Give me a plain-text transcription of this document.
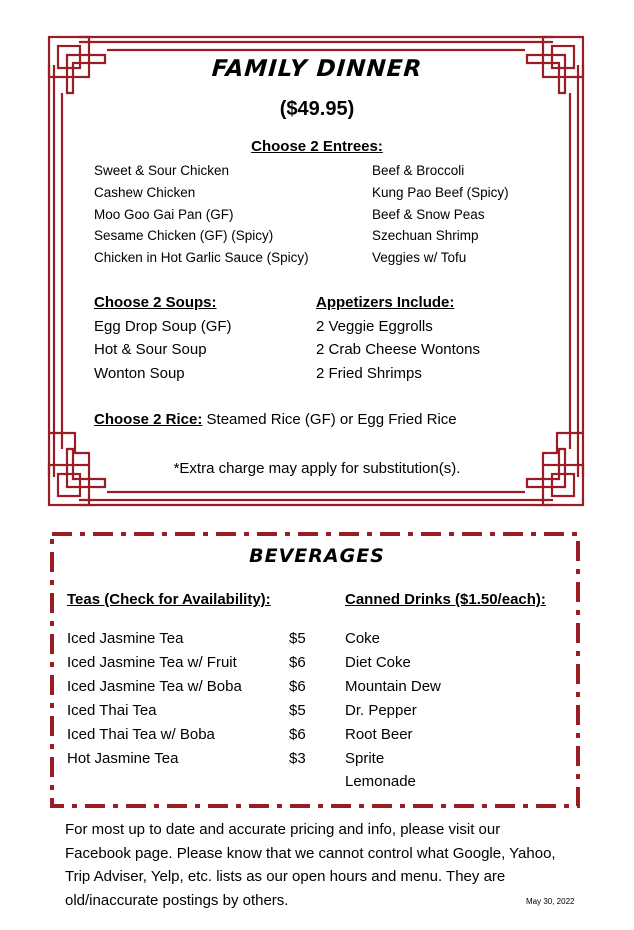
FAMILY DINNER
($49.95)
Choose 2 Entrees:
Sweet & Sour Chicken
Cashew Chicken
Moo Goo Gai Pan (GF)
Sesame Chicken (GF) (Spicy)
Chicken in Hot Garlic Sauce (Spicy)
Beef & Broccoli
Kung Pao Beef (Spicy)
Beef & Snow Peas
Szechuan Shrimp
Veggies w/ Tofu
Choose 2 Soups:
Egg Drop Soup (GF)
Hot & Sour Soup
Wonton Soup
Appetizers Include:
2 Veggie Eggrolls
2 Crab Cheese Wontons
2 Fried Shrimps
Choose 2 Rice: Steamed Rice (GF) or Egg Fried Rice
*Extra charge may apply for substitution(s).
BEVERAGES
Teas (Check for Availability):	Canned Drinks ($1.50/each):
Iced Jasmine Tea	$5
Iced Jasmine Tea w/ Fruit	$6
Iced Jasmine Tea w/ Boba	$6
Iced Thai Tea	$5
Iced Thai Tea w/ Boba	$6
Hot Jasmine Tea	$3
Coke
Diet Coke
Mountain Dew
Dr. Pepper
Root Beer
Sprite
Lemonade
For most up to date and accurate pricing and info, please visit our Facebook page. Please know that we cannot control what Google, Yahoo, Trip Adviser, Yelp, etc. lists as our open hours and menu. They are old/inaccurate postings by others.	May 30, 2022
